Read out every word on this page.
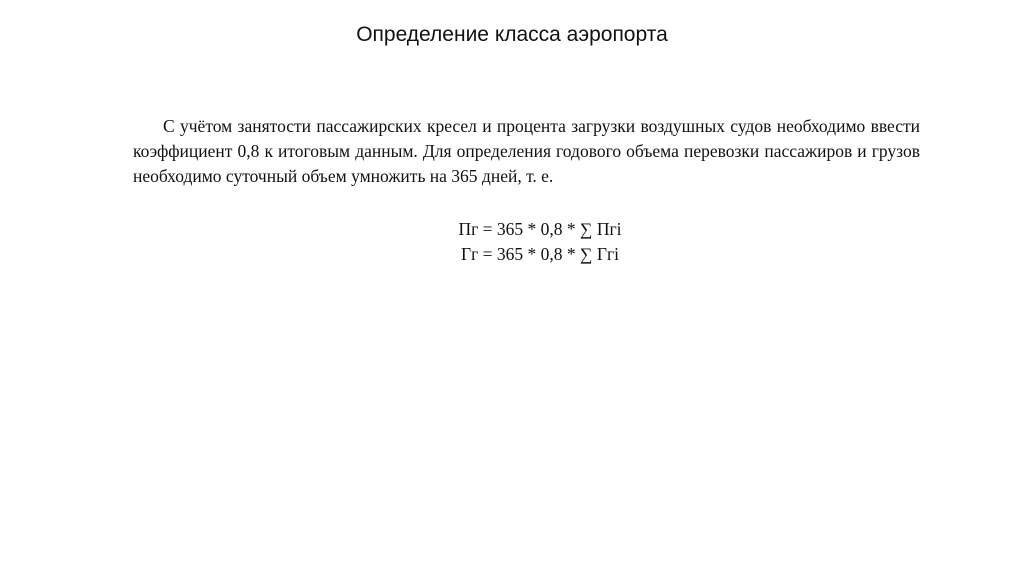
Определение класса аэропорта

С учётом занятости пассажирских кресел и процента загрузки воздушных судов необходимо ввести коэффициент 0,8 к итоговым данным. Для определения годового объема перевозки пассажиров и грузов необходимо суточный объем умножить на 365 дней, т. е.

Пг = 365 * 0,8 * ∑ Пгi
Гг = 365 * 0,8 * ∑ Ггi
